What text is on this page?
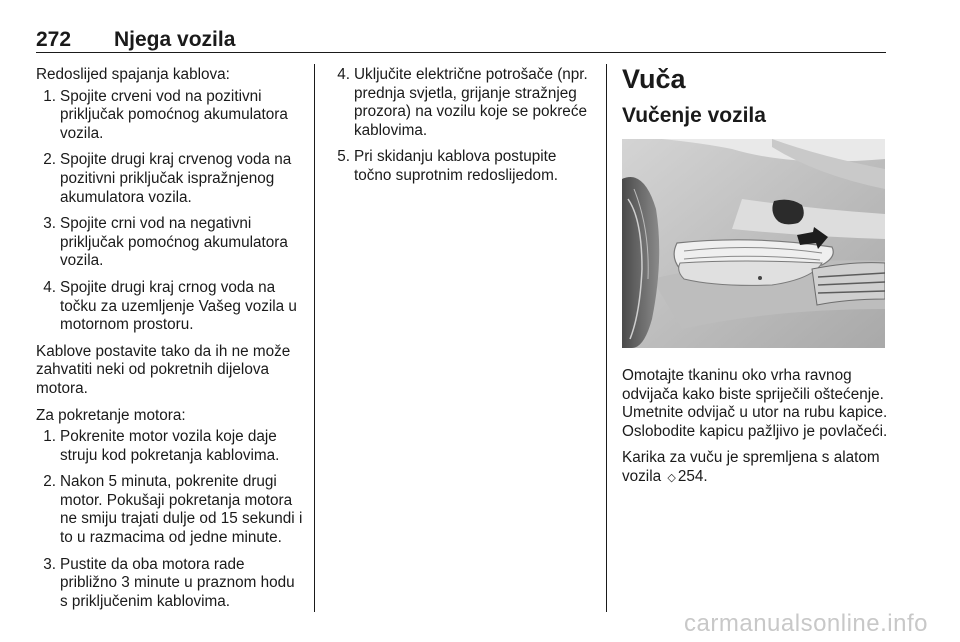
272 Njega vozila

Redoslijed spajanja kablova:

1. Spojite crveni vod na pozitivni priključak pomoćnog akumulatora vozila.
2. Spojite drugi kraj crvenog voda na pozitivni priključak ispražnjenog akumulatora vozila.
3. Spojite crni vod na negativni priključak pomoćnog akumulatora vozila.
4. Spojite drugi kraj crnog voda na točku za uzemljenje Vašeg vozila u motornom prostoru.

Kablove postavite tako da ih ne može zahvatiti neki od pokretnih dijelova motora.

Za pokretanje motora:

1. Pokrenite motor vozila koje daje struju kod pokretanja kablovima.
2. Nakon 5 minuta, pokrenite drugi motor. Pokušaji pokretanja motora ne smiju trajati dulje od 15 sekundi i to u razmacima od jedne minute.
3. Pustite da oba motora rade približno 3 minute u praznom hodu s priključenim kablovima.
4. Uključite električne potrošače (npr. prednja svjetla, grijanje stražnjeg prozora) na vozilu koje se pokreće kablovima.
5. Pri skidanju kablova postupite točno suprotnim redoslijedom.
Vuča
Vučenje vozila

Omotajte tkaninu oko vrha ravnog odvijača kako biste spriječili oštećenje. Umetnite odvijač u utor na rubu kapice. Oslobodite kapicu pažljivo je povlačeći.

Karika za vuču je spremljena s alatom vozila ◇ 254.

carmanualsonline.info
